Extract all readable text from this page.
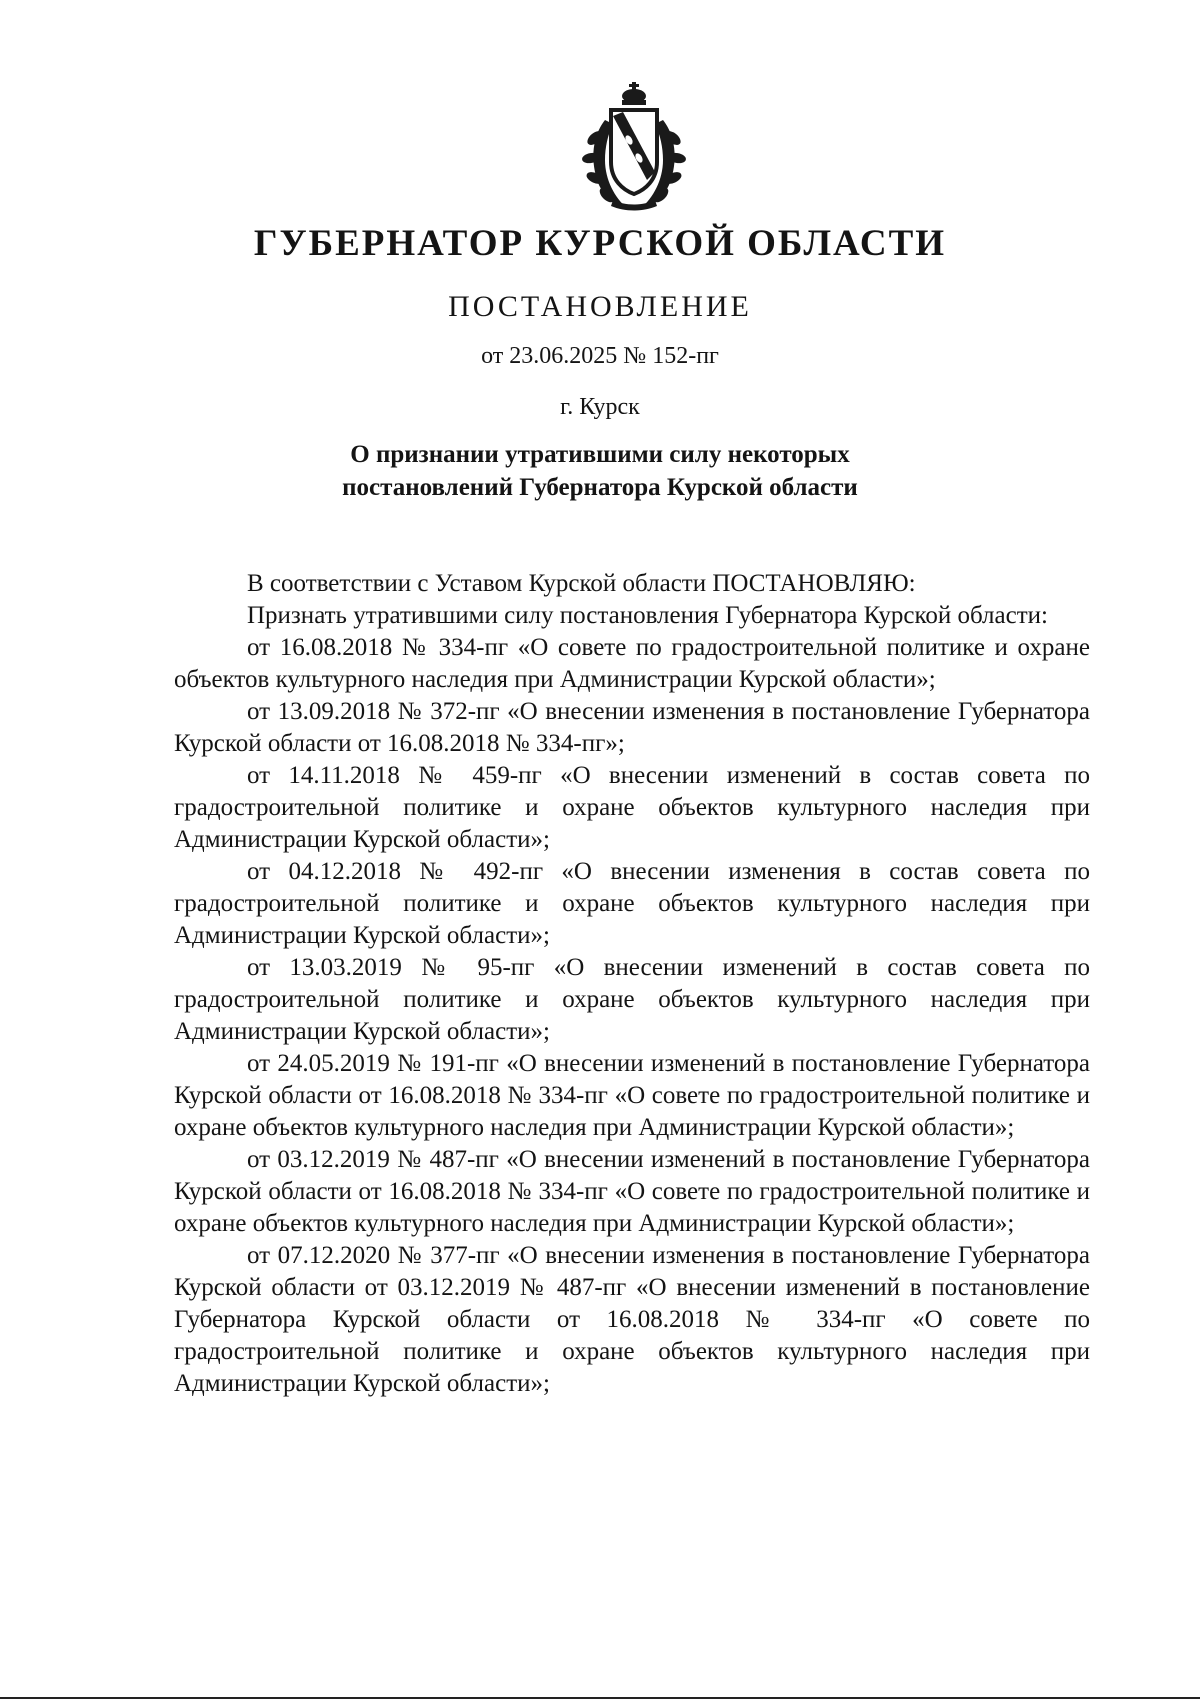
ГУБЕРНАТОР КУРСКОЙ ОБЛАСТИ
ПОСТАНОВЛЕНИЕ
от 23.06.2025 № 152-пг
г. Курск
О признании утратившими силу некоторых
постановлений Губернатора Курской области

В соответствии с Уставом Курской области ПОСТАНОВЛЯЮ:

Признать утратившими силу постановления Губернатора Курской области:

от 16.08.2018 № 334-пг «О совете по градостроительной политике и охране объектов культурного наследия при Администрации Курской области»;

от 13.09.2018 № 372-пг «О внесении изменения в постановление Губернатора Курской области от 16.08.2018 № 334-пг»;

от 14.11.2018 № 459-пг «О внесении изменений в состав совета по градостроительной политике и охране объектов культурного наследия при Администрации Курской области»;

от 04.12.2018 № 492-пг «О внесении изменения в состав совета по градостроительной политике и охране объектов культурного наследия при Администрации Курской области»;

от 13.03.2019 № 95-пг «О внесении изменений в состав совета по градостроительной политике и охране объектов культурного наследия при Администрации Курской области»;

от 24.05.2019 № 191-пг «О внесении изменений в постановление Губернатора Курской области от 16.08.2018 № 334-пг «О совете по градостроительной политике и охране объектов культурного наследия при Администрации Курской области»;

от 03.12.2019 № 487-пг «О внесении изменений в постановление Губернатора Курской области от 16.08.2018 № 334-пг «О совете по градостроительной политике и охране объектов культурного наследия при Администрации Курской области»;

от 07.12.2020 № 377-пг «О внесении изменения в постановление Губернатора Курской области от 03.12.2019 № 487-пг «О внесении изменений в постановление Губернатора Курской области от 16.08.2018 № 334-пг «О совете по градостроительной политике и охране объектов культурного наследия при Администрации Курской области»;
